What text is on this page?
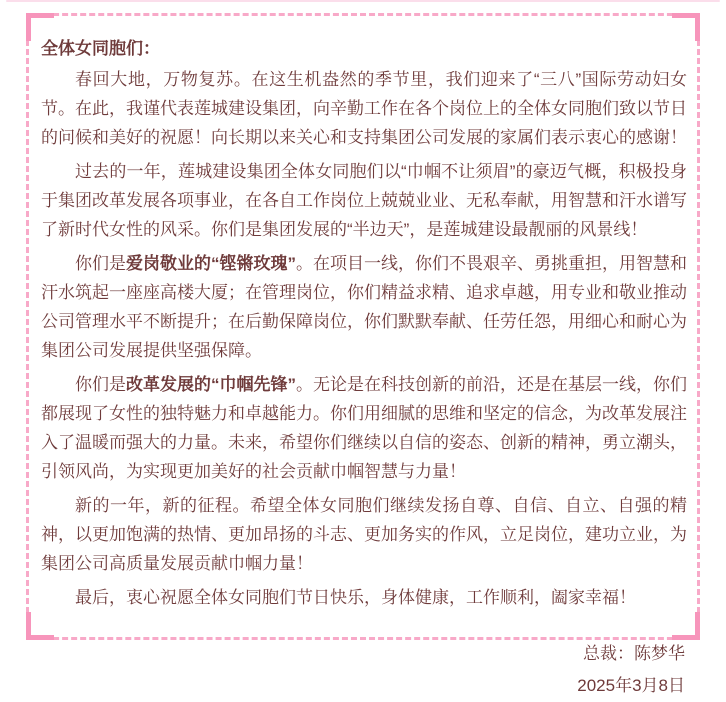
全体女同胞们：

春回大地，万物复苏。在这生机盎然的季节里，我们迎来了“三八”国际劳动妇女节。在此，我谨代表莲城建设集团，向辛勤工作在各个岗位上的全体女同胞们致以节日的问候和美好的祝愿！向长期以来关心和支持集团公司发展的家属们表示衷心的感谢！

过去的一年，莲城建设集团全体女同胞们以“巾帼不让须眉”的豪迈气概，积极投身于集团改革发展各项事业，在各自工作岗位上兢兢业业、无私奉献，用智慧和汗水谱写了新时代女性的风采。你们是集团发展的“半边天”，是莲城建设最靓丽的风景线！

你们是爱岗敬业的“铿锵玫瑰”。在项目一线，你们不畏艰辛、勇挑重担，用智慧和汗水筑起一座座高楼大厦；在管理岗位，你们精益求精、追求卓越，用专业和敬业推动公司管理水平不断提升；在后勤保障岗位，你们默默奉献、任劳任怨，用细心和耐心为集团公司发展提供坚强保障。

你们是改革发展的“巾帼先锋”。无论是在科技创新的前沿，还是在基层一线，你们都展现了女性的独特魅力和卓越能力。你们用细腻的思维和坚定的信念，为改革发展注入了温暖而强大的力量。未来，希望你们继续以自信的姿态、创新的精神，勇立潮头，引领风尚，为实现更加美好的社会贡献巾帼智慧与力量！

新的一年，新的征程。希望全体女同胞们继续发扬自尊、自信、自立、自强的精神，以更加饱满的热情、更加昂扬的斗志、更加务实的作风，立足岗位，建功立业，为集团公司高质量发展贡献巾帼力量！

最后，衷心祝愿全体女同胞们节日快乐，身体健康，工作顺利，阖家幸福！

总裁：陈梦华
2025年3月8日
